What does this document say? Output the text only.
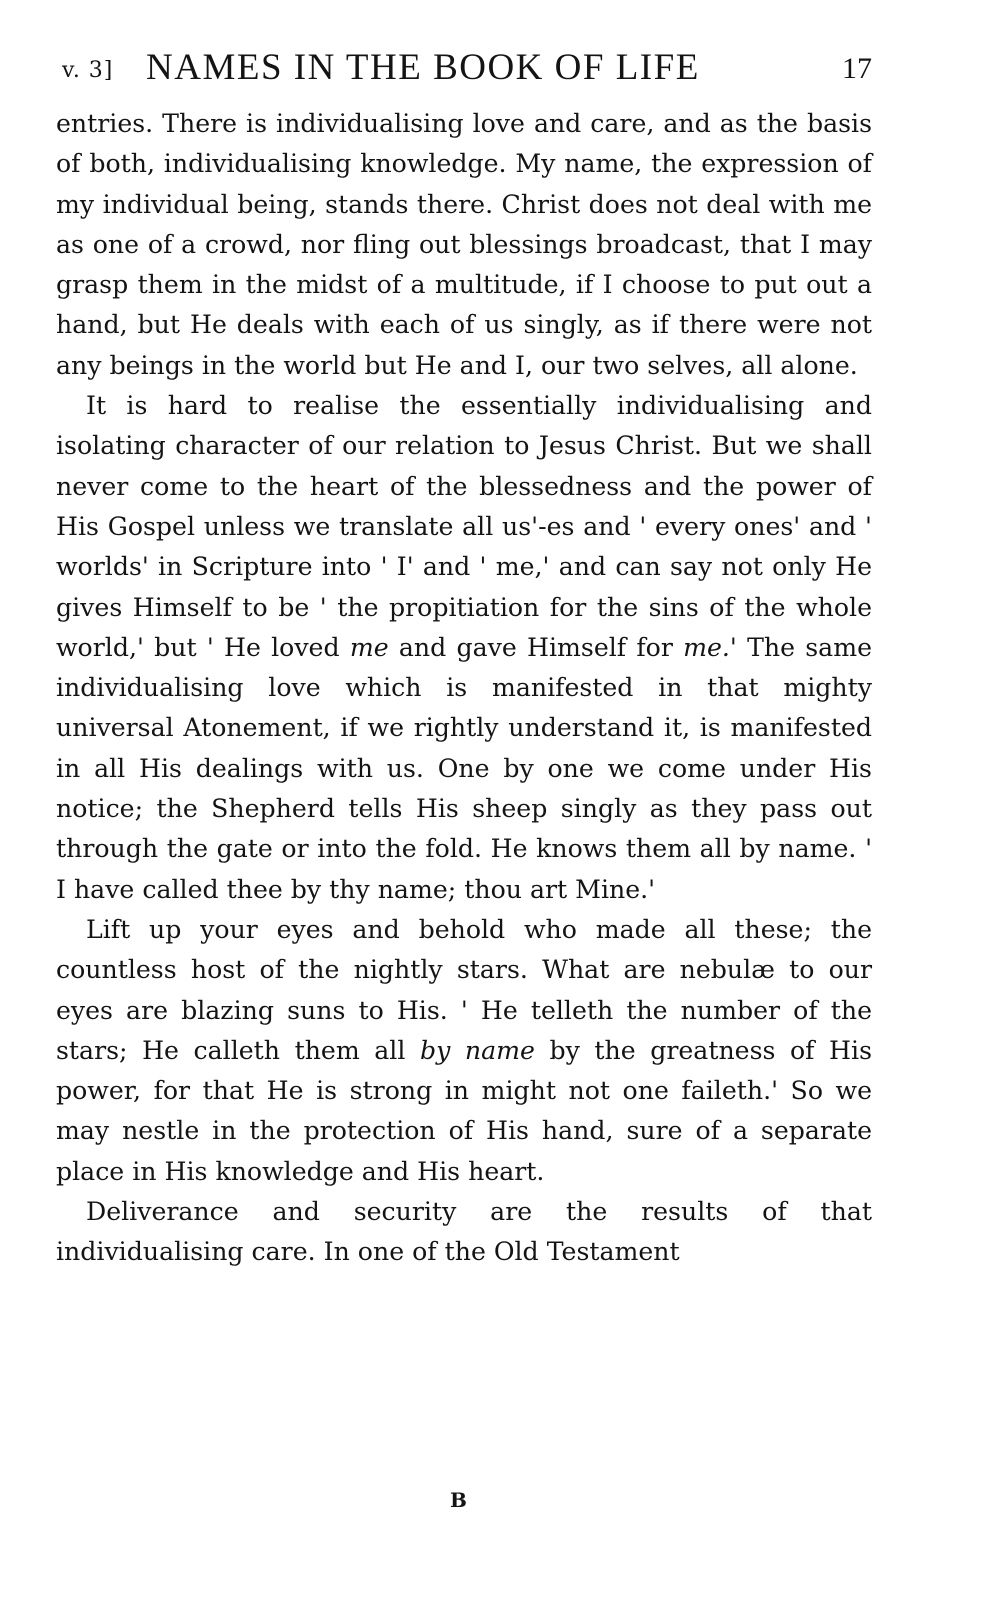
v. 3] NAMES IN THE BOOK OF LIFE	17

entries. There is individualising love and care, and as the basis of both, individualising knowledge. My name, the expression of my individual being, stands there. Christ does not deal with me as one of a crowd, nor fling out blessings broadcast, that I may grasp them in the midst of a multitude, if I choose to put out a hand, but He deals with each of us singly, as if there were not any beings in the world but He and I, our two selves, all alone.

It is hard to realise the essentially individualising and isolating character of our relation to Jesus Christ. But we shall never come to the heart of the blessedness and the power of His Gospel unless we translate all us'-es and ' every ones' and ' worlds' in Scripture into ' I' and ' me,' and can say not only He gives Himself to be ' the propitiation for the sins of the whole world,' but ' He loved me and gave Himself for me.' The same individualising love which is manifested in that mighty universal Atonement, if we rightly understand it, is manifested in all His dealings with us. One by one we come under His notice; the Shepherd tells His sheep singly as they pass out through the gate or into the fold. He knows them all by name. ' I have called thee by thy name; thou art Mine.'

Lift up your eyes and behold who made all these; the countless host of the nightly stars. What are nebulæ to our eyes are blazing suns to His. ' He telleth the number of the stars; He calleth them all by name by the greatness of His power, for that He is strong in might not one faileth.' So we may nestle in the protection of His hand, sure of a separate place in His knowledge and His heart.

Deliverance and security are the results of that individualising care. In one of the Old Testament

B
